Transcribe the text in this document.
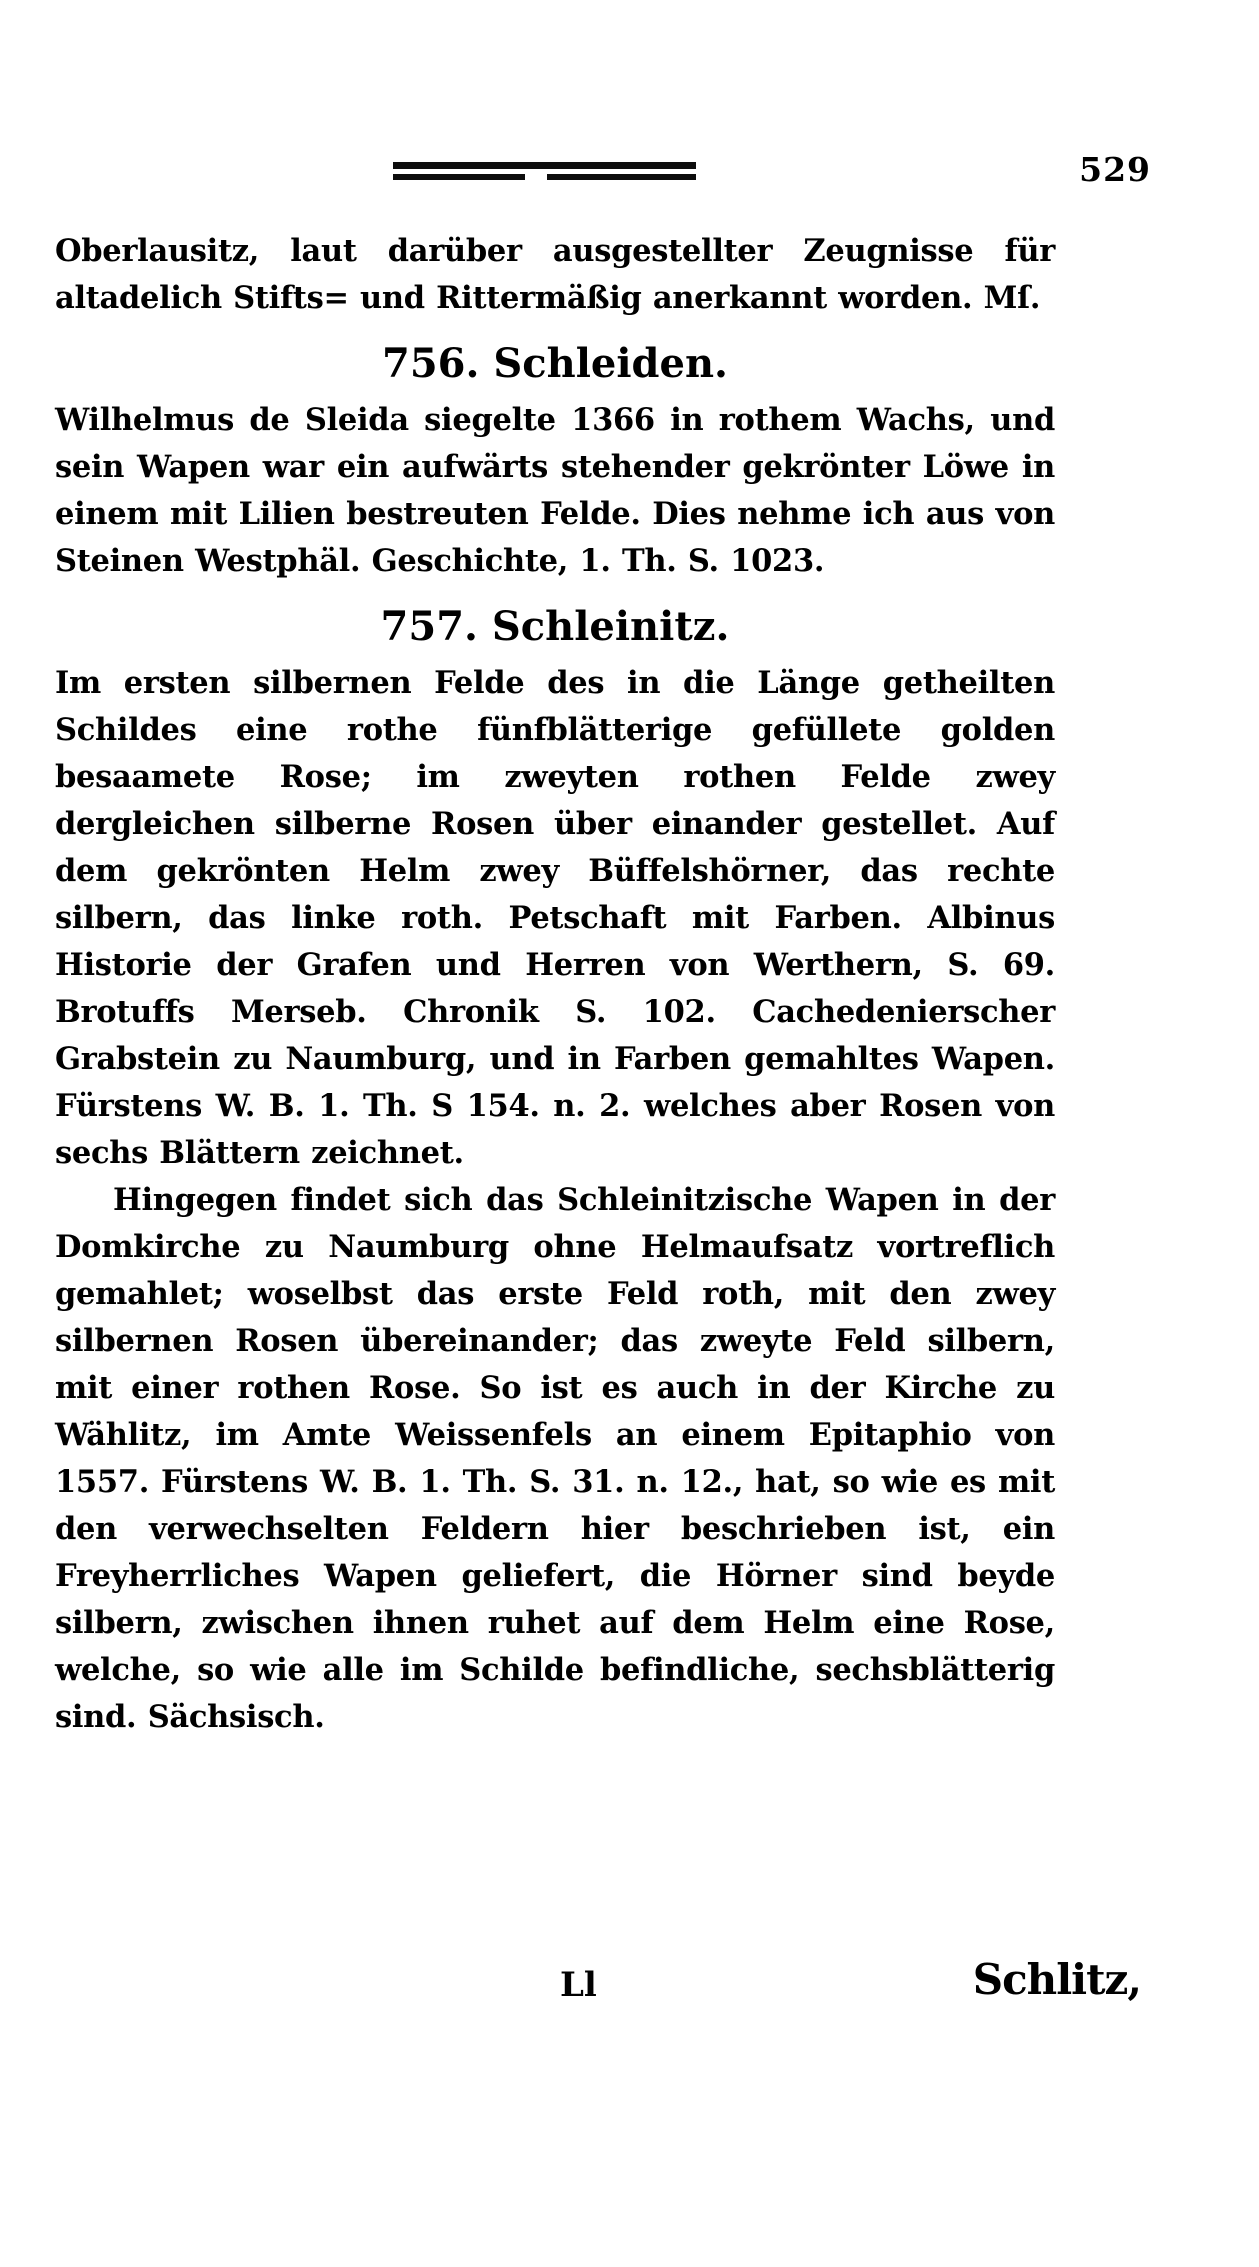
529

Oberlausitz, laut darüber ausgestellter Zeugnisse für altadelich Stifts= und Rittermäßig anerkannt worden. Mſ.

756. Schleiden.

Wilhelmus de Sleida siegelte 1366 in rothem Wachs, und sein Wapen war ein aufwärts stehender gekrönter Löwe in einem mit Lilien bestreuten Felde. Dies nehme ich aus von Steinen Westphäl. Geschichte, 1. Th. S. 1023.

757. Schleinitz.

Im ersten silbernen Felde des in die Länge getheilten Schildes eine rothe fünfblätterige gefüllete golden besaamete Rose; im zweyten rothen Felde zwey dergleichen silberne Rosen über einander gestellet. Auf dem gekrönten Helm zwey Büffelshörner, das rechte silbern, das linke roth. Petschaft mit Farben. Albinus Historie der Grafen und Herren von Werthern, S. 69. Brotuffs Merseb. Chronik S. 102. Cachedenierscher Grabstein zu Naumburg, und in Farben gemahltes Wapen. Fürstens W. B. 1. Th. S 154. n. 2. welches aber Rosen von sechs Blättern zeichnet.

Hingegen findet sich das Schleinitzische Wapen in der Domkirche zu Naumburg ohne Helmaufsatz vortreflich gemahlet; woselbst das erste Feld roth, mit den zwey silbernen Rosen übereinander; das zweyte Feld silbern, mit einer rothen Rose. So ist es auch in der Kirche zu Wählitz, im Amte Weissenfels an einem Epitaphio von 1557. Fürstens W. B. 1. Th. S. 31. n. 12., hat, so wie es mit den verwechselten Feldern hier beschrieben ist, ein Freyherrliches Wapen geliefert, die Hörner sind beyde silbern, zwischen ihnen ruhet auf dem Helm eine Rose, welche, so wie alle im Schilde befindliche, sechsblätterig sind. Sächsisch.

Ll	Schlitz,
